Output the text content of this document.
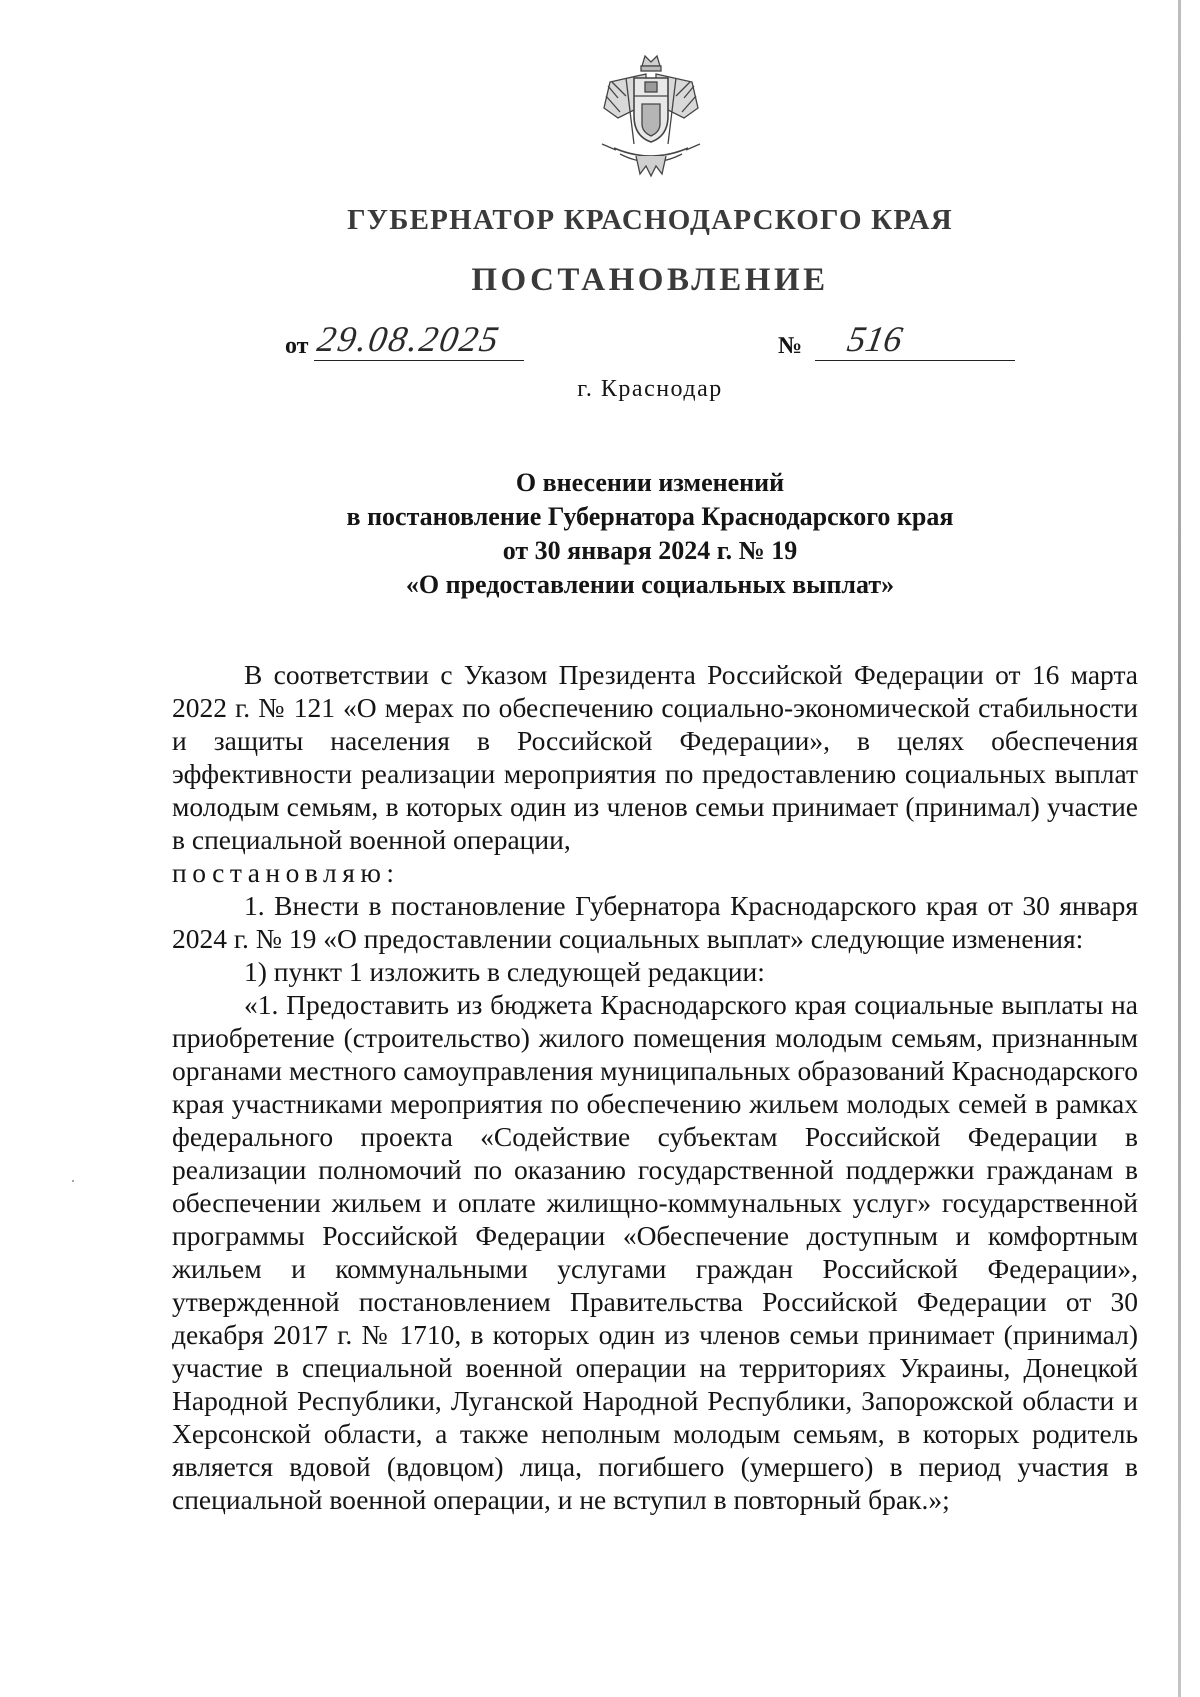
ГУБЕРНАТОР КРАСНОДАРСКОГО КРАЯ
ПОСТАНОВЛЕНИЕ
от 29.08.2025	№ 516
г. Краснодар
О внесении изменений
в постановление Губернатора Краснодарского края
от 30 января 2024 г. № 19
«О предоставлении социальных выплат»

В соответствии с Указом Президента Российской Федерации от 16 марта 2022 г. № 121 «О мерах по обеспечению социально-экономической стабильности и защиты населения в Российской Федерации», в целях обеспечения эффективности реализации мероприятия по предоставлению социальных выплат молодым семьям, в которых один из членов семьи принимает (принимал) участие в специальной военной операции,

постановляю:

1. Внести в постановление Губернатора Краснодарского края от 30 января 2024 г. № 19 «О предоставлении социальных выплат» следующие изменения:

1) пункт 1 изложить в следующей редакции:

«1. Предоставить из бюджета Краснодарского края социальные выплаты на приобретение (строительство) жилого помещения молодым семьям, признанным органами местного самоуправления муниципальных образований Краснодарского края участниками мероприятия по обеспечению жильем молодых семей в рамках федерального проекта «Содействие субъектам Российской Федерации в реализации полномочий по оказанию государственной поддержки гражданам в обеспечении жильем и оплате жилищно-коммунальных услуг» государственной программы Российской Федерации «Обеспечение доступным и комфортным жильем и коммунальными услугами граждан Российской Федерации», утвержденной постановлением Правительства Российской Федерации от 30 декабря 2017 г. № 1710, в которых один из членов семьи принимает (принимал) участие в специальной военной операции на территориях Украины, Донецкой Народной Республики, Луганской Народной Республики, Запорожской области и Херсонской области, а также неполным молодым семьям, в которых родитель является вдовой (вдовцом) лица, погибшего (умершего) в период участия в специальной военной операции, и не вступил в повторный брак.»;
